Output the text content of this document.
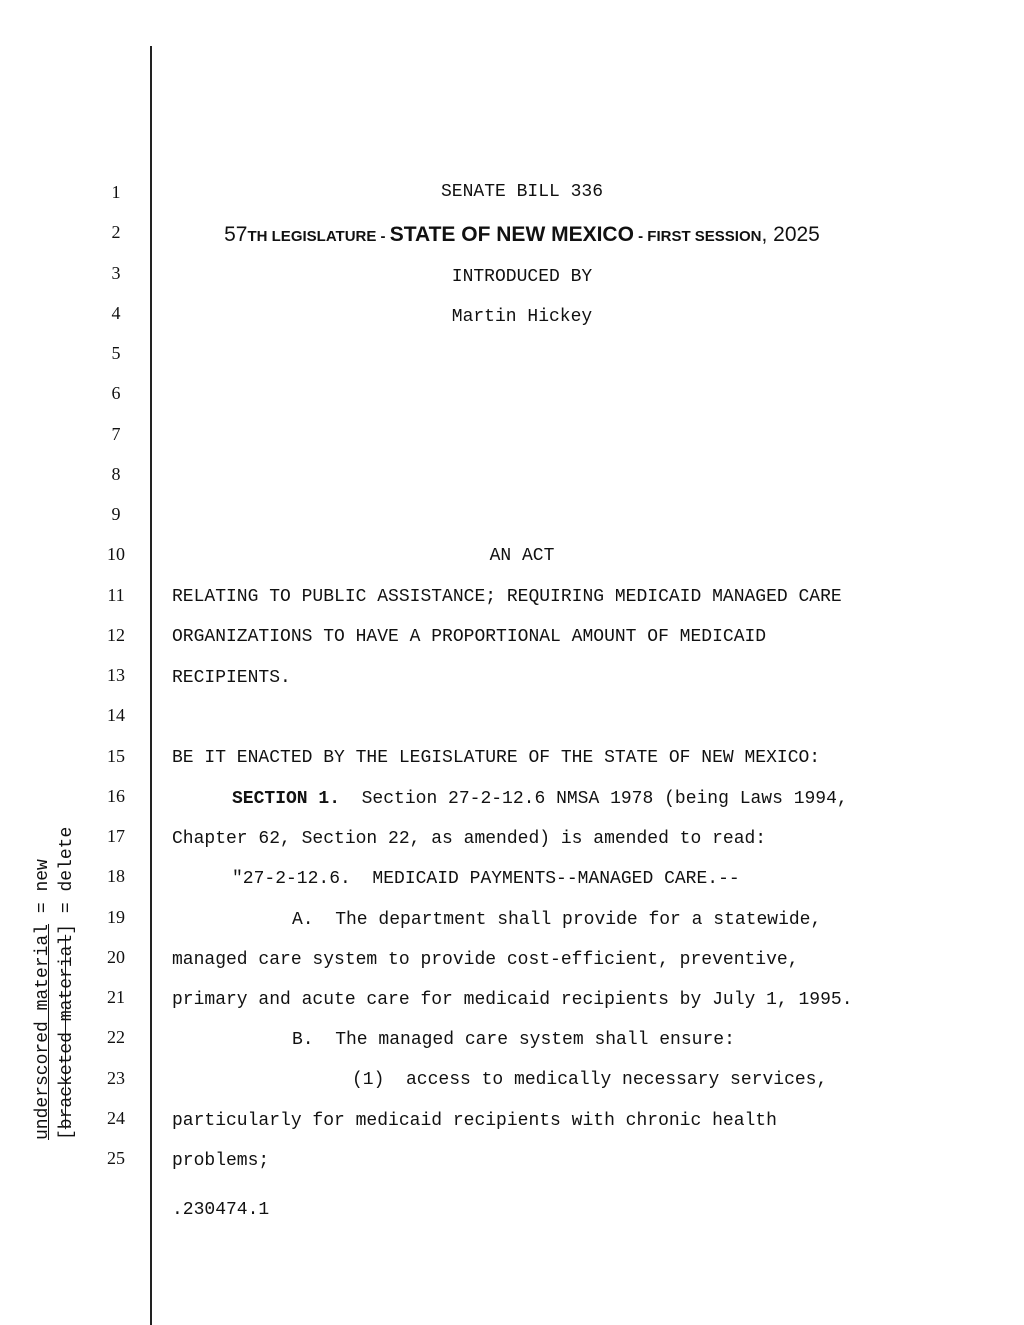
1
2
3
4
5
6
7
8
9
10
11
12
13
14
15
16
17
18
19
20
21
22
23
24
25
SENATE BILL 336
57TH LEGISLATURE - STATE OF NEW MEXICO - FIRST SESSION, 2025
INTRODUCED BY
Martin Hickey
AN ACT
RELATING TO PUBLIC ASSISTANCE; REQUIRING MEDICAID MANAGED CARE
ORGANIZATIONS TO HAVE A PROPORTIONAL AMOUNT OF MEDICAID
RECIPIENTS.
BE IT ENACTED BY THE LEGISLATURE OF THE STATE OF NEW MEXICO:
SECTION 1.  Section 27-2-12.6 NMSA 1978 (being Laws 1994,
Chapter 62, Section 22, as amended) is amended to read:
"27-2-12.6.  MEDICAID PAYMENTS--MANAGED CARE.--
A.  The department shall provide for a statewide,
managed care system to provide cost-efficient, preventive,
primary and acute care for medicaid recipients by July 1, 1995.
B.  The managed care system shall ensure:
(1)  access to medically necessary services,
particularly for medicaid recipients with chronic health
problems;
.230474.1
underscored material = new
[bracketed material] = delete
